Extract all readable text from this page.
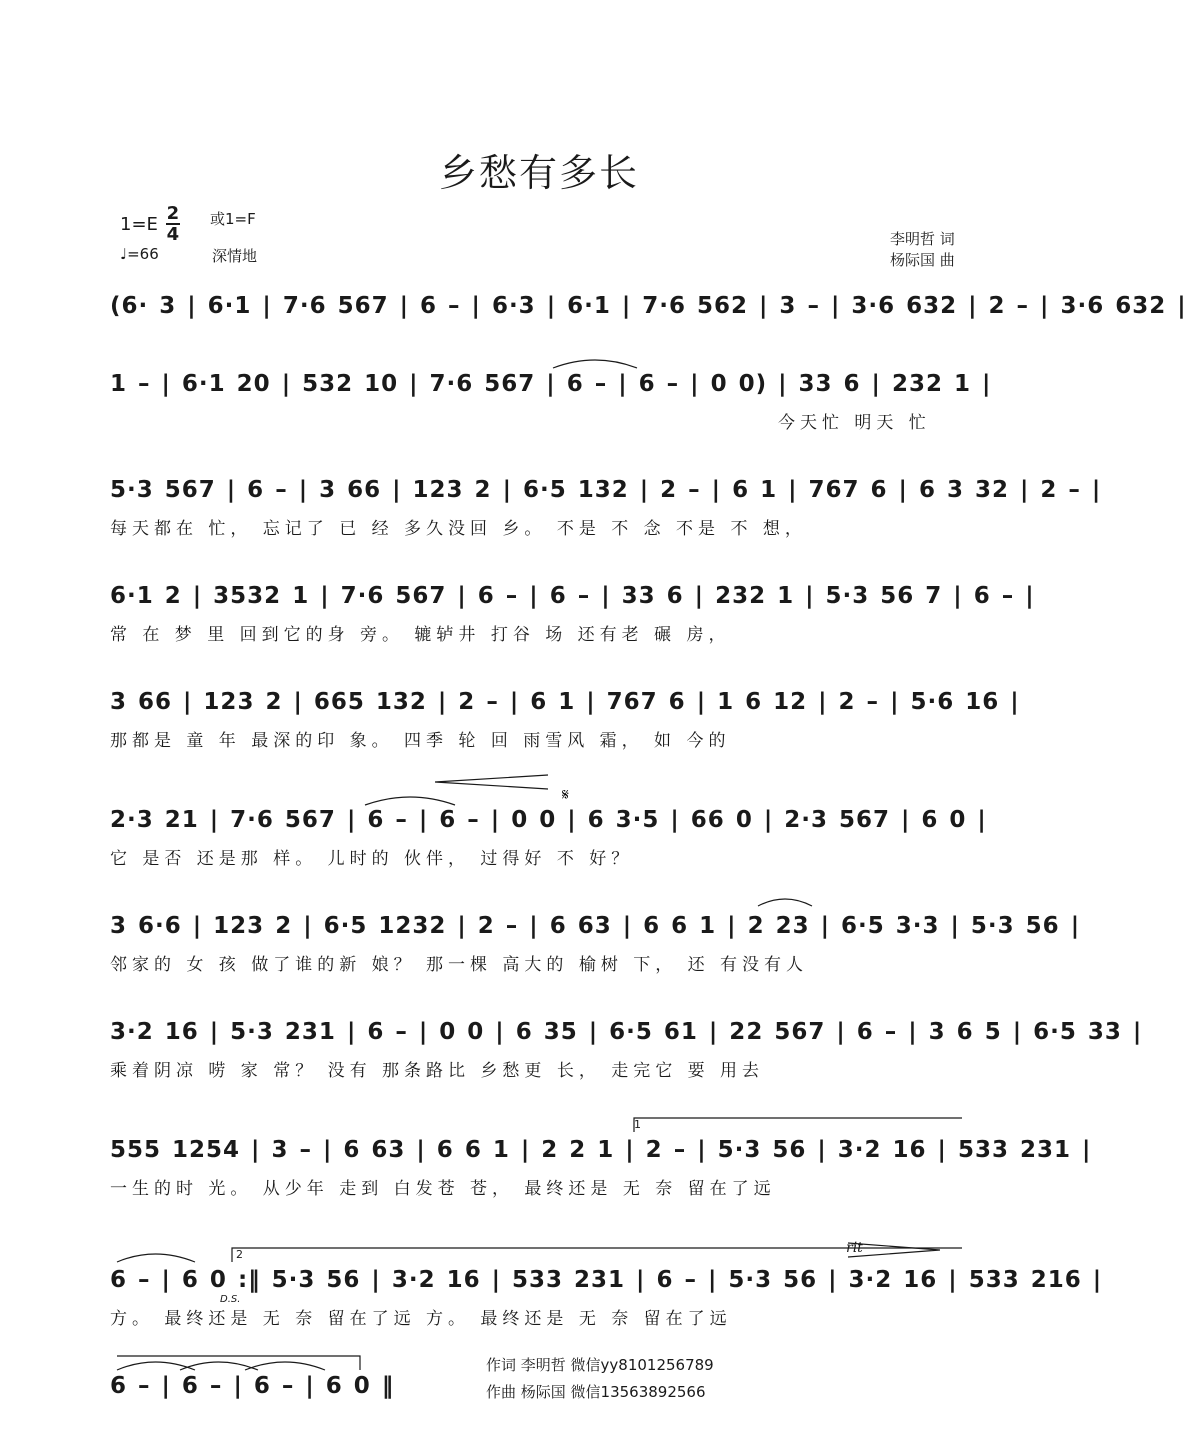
乡愁有多长
$1=E \frac{2}{4}$ 或1=F
♩=66	深情地
李明哲 词
杨际国 曲
(6· 3 | 6·1 | 7·6 567 | 6 – | 6·3 | 6·1 | 7·6 562 | 3 – | 3·6 632 | 2 – | 3·6 632 |
1 – | 6·1 20 | 532 10 | 7·6 567 | 6 – | 6 – | 0 0) | 33 6 | 232 1 |
今天忙 明天 忙
5·3 567 | 6 – | 3 66 | 123 2 | 6·5 132 | 2 – | 6 1 | 767 6 | 6 3 32 | 2 – |
每天都在 忙， 忘记了 已 经 多久没回 乡。 不是 不 念 不是 不 想，
6·1 2 | 3532 1 | 7·6 567 | 6 – | 6 – | 33 6 | 232 1 | 5·3 56 7 | 6 – |
常 在 梦 里 回到它的身 旁。 辘轳井 打谷 场 还有老 碾 房，
3 66 | 123 2 | 665 132 | 2 – | 6 1 | 767 6 | 1 6 12 | 2 – | 5·6 16 |
那都是 童 年 最深的印 象。 四季 轮 回 雨雪风 霜， 如 今的
2·3 21 | 7·6 567 | 6 – | 6 – | 0 0 | 6 3·5 | 66 0 | 2·3 567 | 6 0 |
它 是否 还是那 样。 儿时的 伙伴， 过得好 不 好？
3 6·6 | 123 2 | 6·5 1232 | 2 – | 6 63 | 6 6 1 | 2 23 | 6·5 3·3 | 5·3 56 |
邻家的 女 孩 做了谁的新 娘？ 那一棵 高大的 榆树 下， 还 有没有人
3·2 16 | 5·3 231 | 6 – | 0 0 | 6 35 | 6·5 61 | 22 567 | 6 – | 3 6 5 | 6·5 33 |
乘着阴凉 唠 家 常？ 没有 那条路比 乡愁更 长， 走完它 要 用去
555 1254 | 3 – | 6 63 | 6 6 1 | 2 2 1 | 2 – | 5·3 56 | 3·2 16 | 533 231 |
一生的时 光。 从少年 走到 白发苍 苍， 最终还是 无 奈 留在了远
6 – | 6 0 :‖ 5·3 56 | 3·2 16 | 533 231 | 6 – | 5·3 56 | 3·2 16 | 533 216 |
方。 最终还是 无 奈 留在了远 方。 最终还是 无 奈 留在了远
6 – | 6 – | 6 – | 6 0 ‖
D.S.
rit
1
2
𝄋
作词 李明哲 微信yy8101256789
作曲 杨际国 微信13563892566
